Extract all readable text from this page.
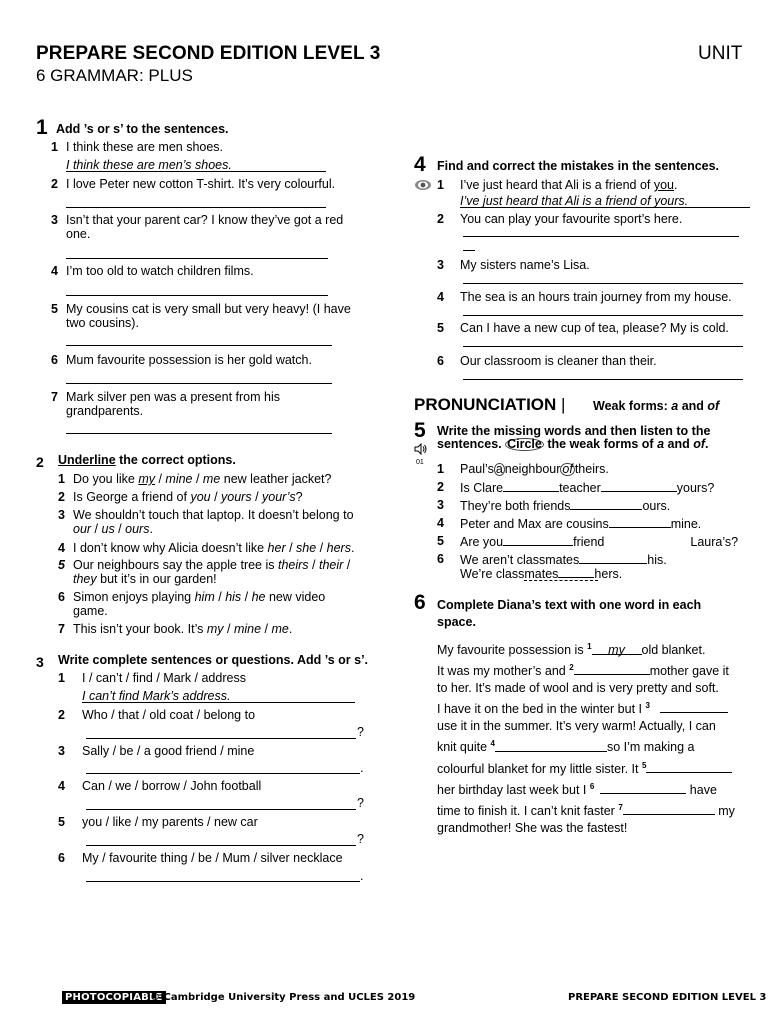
PREPARE SECOND EDITION LEVEL 3	UNIT
6 GRAMMAR: PLUS
1 Add ’s or s’ to the sentences.
1 I think these are men shoes.
I think these are men’s shoes.
2 I love Peter new cotton T-shirt. It’s very colourful.
3 Isn’t that your parent car? I know they’ve got a red
one.
4 I’m too old to watch children films.
5 My cousins cat is very small but very heavy! (I have
two cousins).
6 Mum favourite possession is her gold watch.
7 Mark silver pen was a present from his
grandparents.
2 Underline the correct options.
1 Do you like my / mine / me new leather jacket?
2 Is George a friend of you / yours / your’s?
3 We shouldn’t touch that laptop. It doesn’t belong to
our / us / ours.
4 I don’t know why Alicia doesn’t like her / she / hers.
5 Our neighbours say the apple tree is theirs / their /
they but it’s in our garden!
6 Simon enjoys playing him / his / he new video
game.
7 This isn’t your book. It’s my / mine / me.
3 Write complete sentences or questions. Add ’s or s’.
1 I / can’t / find / Mark / address
I can’t find Mark’s address.
2 Who / that / old coat / belong to
?
3 Sally / be / a good friend / mine
.
4 Can / we / borrow / John football
?
5 you / like / my parents / new car
?
6 My / favourite thing / be / Mum / silver necklace
.
4 Find and correct the mistakes in the sentences.
1 I’ve just heard that Ali is a friend of you.
I’ve just heard that Ali is a friend of yours.
2 You can play your favourite sport’s here.
3 My sisters name’s Lisa.
4 The sea is an hours train journey from my house.
5 Can I have a new cup of tea, please? My is cold.
6 Our classroom is cleaner than their.
PRONUNCIATION | Weak forms: a and of
5 Write the missing words and then listen to the
sentences. Circle the weak forms of a and of.
01 1 Paul’s a neighbour of theirs.
2 Is Clare	teacher	yours?
3 They’re both friends	ours.
4 Peter and Max are cousins	mine.
5 Are you	friend	Laura’s?
6 We aren’t classmates	his.
We’re classmates	hers.
6 Complete Diana’s text with one word in each
space.
My favourite possession is $^1$ my old blanket.
It was my mother’s and $^2$	mother gave it
to her. It’s made of wool and is very pretty and soft.
I have it on the bed in the winter but I $^3$
use it in the summer. It’s very warm! Actually, I can
knit quite $^4$	so I’m making a
colourful blanket for my little sister. It $^5$
her birthday last week but I $^6$	have
time to finish it. I can’t knit faster $^7$	my
grandmother! She was the fastest!
PHOTOCOPIABLE
© Cambridge University Press and UCLES 2019	PREPARE SECOND EDITION LEVEL 3
